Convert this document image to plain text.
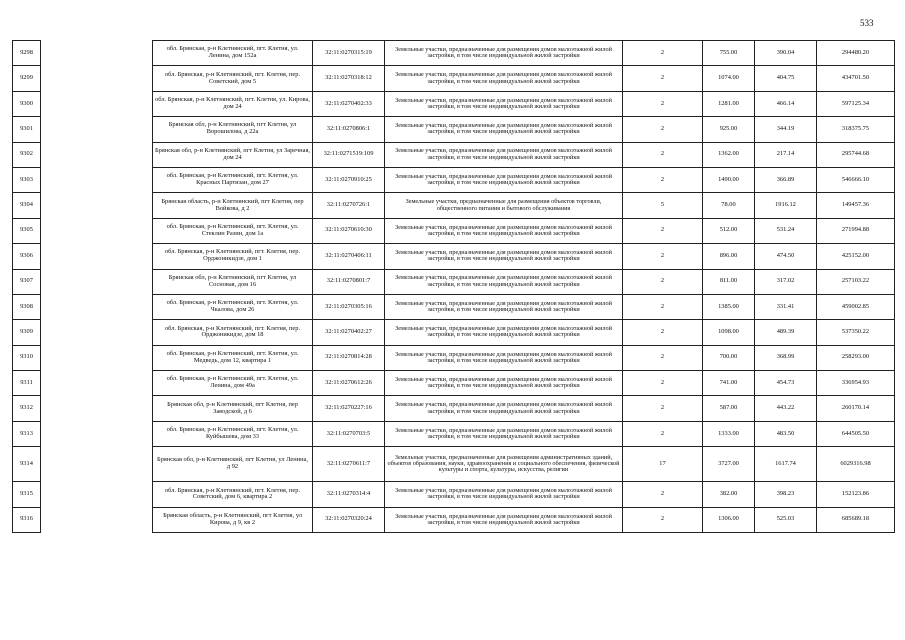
533
9298		обл. Брянская, р-н Клетнянский, пгт. Клетня, ул. Ленина, дом 152а	32:11:0270315:19	Земельные участки, предназначенные для размещения домов малоэтажной жилой застройки, в том числе индивидуальной жилой застройки	2	755.00	390.04	294480.20
9299		обл. Брянская, р-н Клетнянский, пгт. Клетня, пер. Советский, дом 5	32:11:0270318:12	Земельные участки, предназначенные для размещения домов малоэтажной жилой застройки, в том числе индивидуальной жилой застройки	2	1074.00	404.75	434701.50
9300		обл. Брянская, р-н Клетнянский, пгт. Клетня, ул. Кирова, дом 24	32:11:0270402:33	Земельные участки, предназначенные для размещения домов малоэтажной жилой застройки, в том числе индивидуальной жилой застройки	2	1281.00	466.14	597125.34
9301		Брянская обл, р-н Клетнянский, пгт Клетня, ул Ворошилова, д 22а	32:11:0270806:1	Земельные участки, предназначенные для размещения домов малоэтажной жилой застройки, в том числе индивидуальной жилой застройки	2	925.00	344.19	318375.75
9302		Брянская обл, р-н Клетнянский, пгт Клетня, ул Заречная, дом 24	32:11:0271519:109	Земельные участки, предназначенные для размещения домов малоэтажной жилой застройки, в том числе индивидуальной жилой застройки	2	1362.00	217.14	295744.68
9303		обл. Брянская, р-н Клетнянский, пгт. Клетня, ул. Красных Партизан, дом 27	32:11:0270910:25	Земельные участки, предназначенные для размещения домов малоэтажной жилой застройки, в том числе индивидуальной жилой застройки	2	1490.00	366.89	546666.10
9304		Брянская область, р-н Клетнянский, пгт Клетня, пер Войкова, д 2	32:11:0270726:1	Земельные участки, предназначенные для размещения объектов торговли, общественного питания и бытового обслуживания	5	78.00	1916.12	149457.36
9305		обл. Брянская, р-н Клетнянский, пгт. Клетня, ул. Стеклин Разин, дом 1а	32:11:0270610:30	Земельные участки, предназначенные для размещения домов малоэтажной жилой застройки, в том числе индивидуальной жилой застройки	2	512.00	531.24	271994.88
9306		обл. Брянская, р-н Клетнянский, пгт. Клетня, пер. Орджоникидзе, дом 1	32:11:0270406:11	Земельные участки, предназначенные для размещения домов малоэтажной жилой застройки, в том числе индивидуальной жилой застройки	2	896.00	474.50	425152.00
9307		Брянская обл, р-н Клетнянский, пгт Клетня, ул Сосновая, дом 16	32:11:0270801:7	Земельные участки, предназначенные для размещения домов малоэтажной жилой застройки, в том числе индивидуальной жилой застройки	2	811.00	317.02	257103.22
9308		обл. Брянская, р-н Клетнянский, пгт. Клетня, ул. Чкалова, дом 26	32:11:0270305:16	Земельные участки, предназначенные для размещения домов малоэтажной жилой застройки, в том числе индивидуальной жилой застройки	2	1385.00	331.41	459002.85
9309		обл. Брянская, р-н Клетнянский, пгт. Клетня, пер. Орджоникидзе, дом 18	32:11:0270402:27	Земельные участки, предназначенные для размещения домов малоэтажной жилой застройки, в том числе индивидуальной жилой застройки	2	1098.00	489.39	537350.22
9310		обл. Брянская, р-н Клетнянский, пгт. Клетня, ул. Медведь, дом 12, квартира 1	32:11:0270814:28	Земельные участки, предназначенные для размещения домов малоэтажной жилой застройки, в том числе индивидуальной жилой застройки	2	700.00	368.99	258293.00
9311		обл. Брянская, р-н Клетнянский, пгт. Клетня, ул. Ленина, дом 49а	32:11:0270612:26	Земельные участки, предназначенные для размещения домов малоэтажной жилой застройки, в том числе индивидуальной жилой застройки	2	741.00	454.73	336954.93
9312		Брянская обл, р-н Клетнянский, пгт Клетня, пер Заводской, д 6	32:11:0270227:16	Земельные участки, предназначенные для размещения домов малоэтажной жилой застройки, в том числе индивидуальной жилой застройки	2	587.00	443.22	260170.14
9313		обл. Брянская, р-н Клетнянский, пгт. Клетня, ул. Куйбышева, дом 33	32:11:0270703:5	Земельные участки, предназначенные для размещения домов малоэтажной жилой застройки, в том числе индивидуальной жилой застройки	2	1333.00	483.50	644505.50
9314		Брянская обл, р-н Клетнянский, пгт Клетня, ул Ленина, д 92	32:11:0270611:7	Земельные участки, предназначенные для размещения административных зданий, объектов образования, науки, здравоохранения и социального обеспечения, физической культуры и спорта, культуры, искусства, религии	17	3727.00	1617.74	6029316.98
9315		обл. Брянская, р-н Клетнянский, пгт. Клетня, пер. Советский, дом 6, квартира 2	32:11:0270314:4	Земельные участки, предназначенные для размещения домов малоэтажной жилой застройки, в том числе индивидуальной жилой застройки	2	382.00	398.23	152123.86
9316		Брянская область, р-н Клетнянский, пгт Клетня, ул Кирова, д 9, кв 2	32:11:0270320:24	Земельные участки, предназначенные для размещения домов малоэтажной жилой застройки, в том числе индивидуальной жилой застройки	2	1306.00	525.03	685689.18
